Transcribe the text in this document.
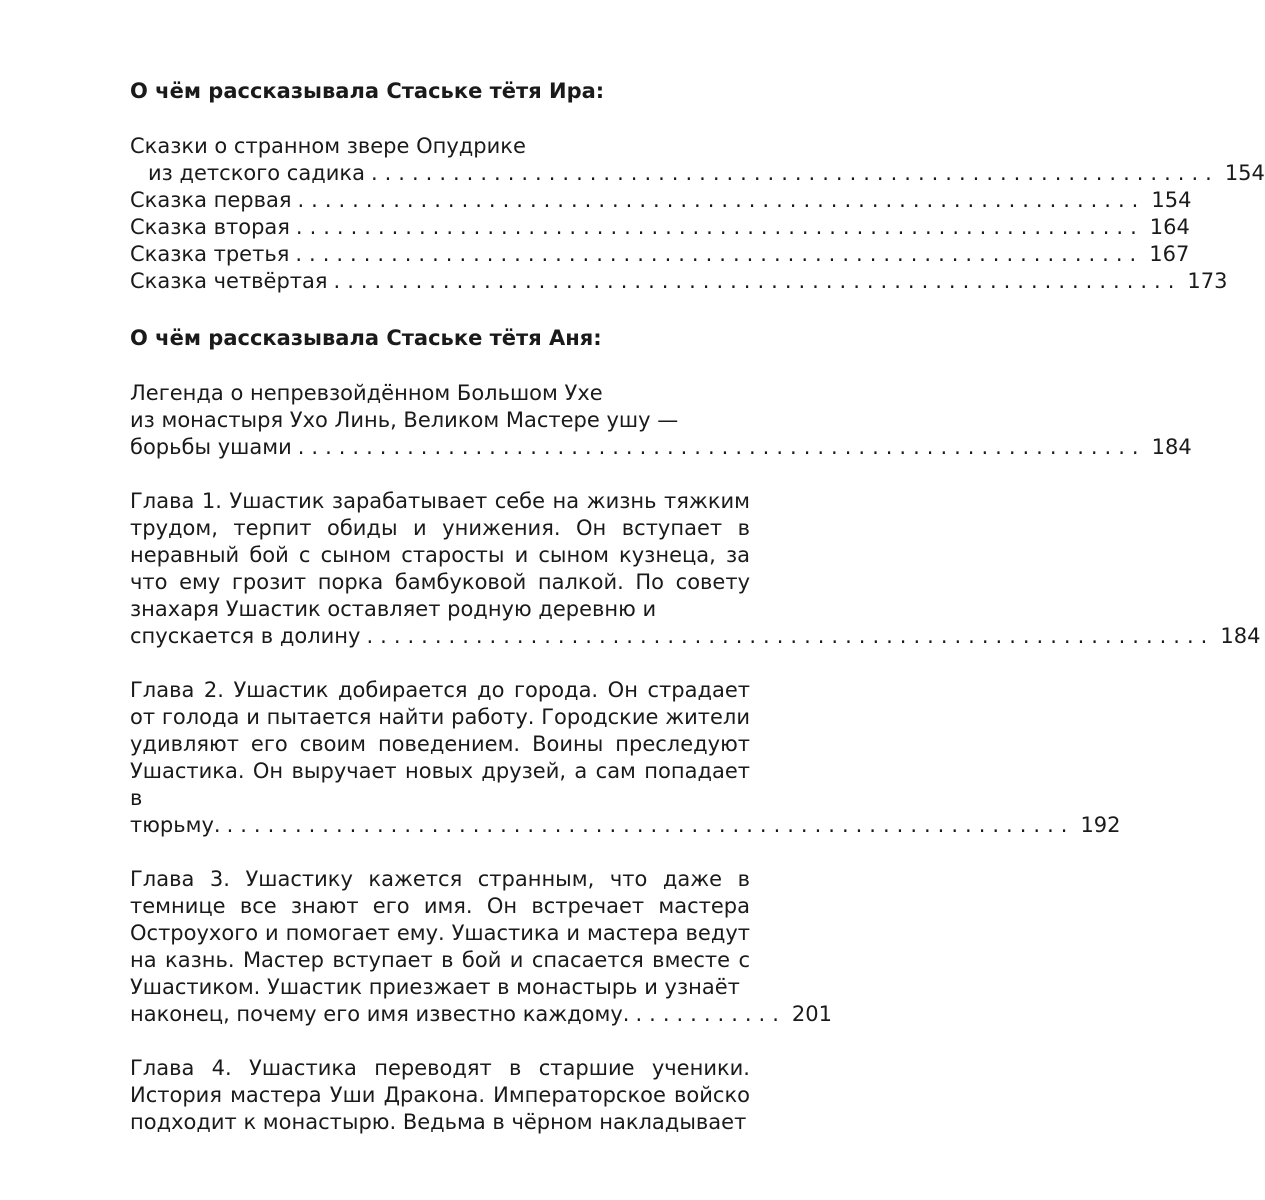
О чём рассказывала Стаське тётя Ира:

Сказки о странном звере Опудрике

из детского садика .............................................................. 154
Сказка первая .............................................................. 154
Сказка вторая .............................................................. 164
Сказка третья .............................................................. 167
Сказка четвёртая .............................................................. 173
О чём рассказывала Стаське тётя Аня:

Легенда о непревзойдённом Большом Ухе

из монастыря Ухо Линь, Великом Мастере ушу —

борьбы ушами .............................................................. 184

Глава 1. Ушастик зарабатывает себе на жизнь тяжким трудом, терпит обиды и унижения. Он вступает в неравный бой с сыном старосты и сыном кузнеца, за что ему грозит порка бамбуковой палкой. По совету знахаря Ушастик оставляет родную деревню и

спускается в долину .............................................................. 184

Глава 2. Ушастик добирается до города. Он страдает от голода и пытается найти работу. Городские жители удивляют его своим поведением. Воины преследуют Ушастика. Он выручает новых друзей, а сам попадает в

тюрьму. .............................................................. 192

Глава 3. Ушастику кажется странным, что даже в темнице все знают его имя. Он встречает мастера Остроухого и помогает ему. Ушастика и мастера ведут на казнь. Мастер вступает в бой и спасается вместе с Ушастиком. Ушастик приезжает в монастырь и узнаёт

наконец, почему его имя известно каждому. ........... 201

Глава 4. Ушастика переводят в старшие ученики. История мастера Уши Дракона. Императорское войско подходит к монастырю. Ведьма в чёрном накладывает
